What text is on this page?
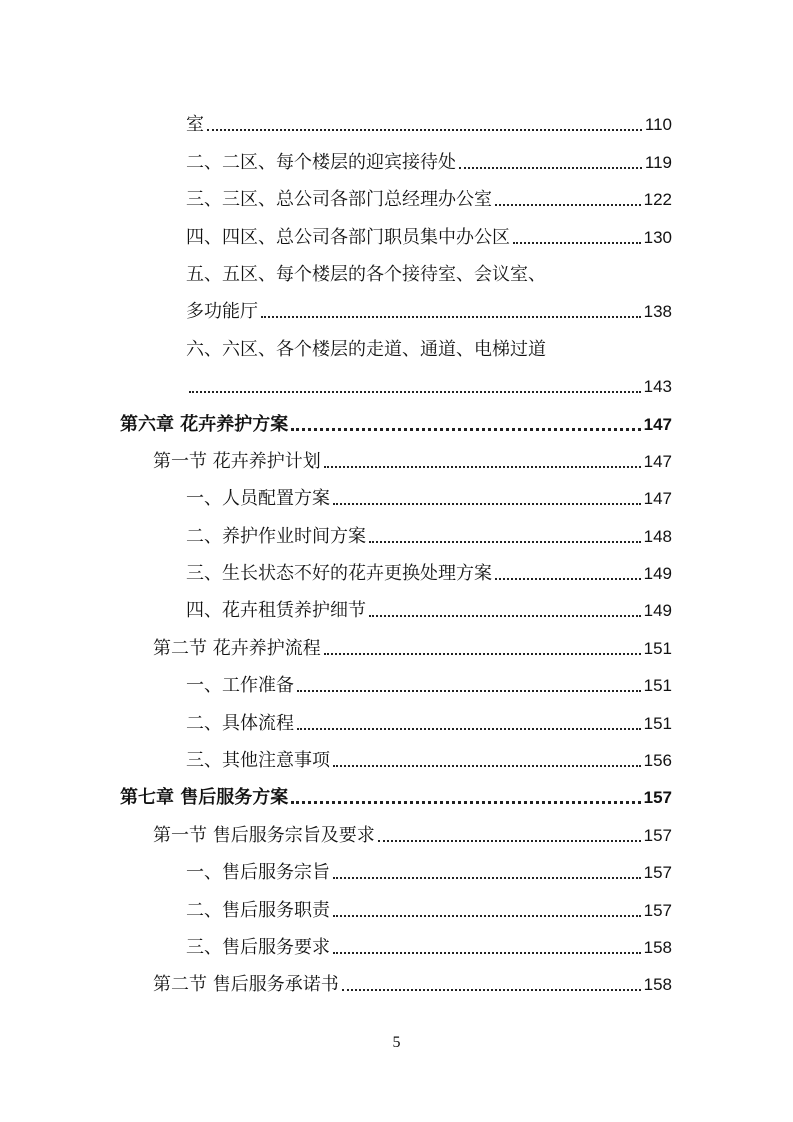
室	110
二、二区、每个楼层的迎宾接待处	119
三、三区、总公司各部门总经理办公室	122
四、四区、总公司各部门职员集中办公区	130
五、五区、每个楼层的各个接待室、会议室、
多功能厅	138
六、六区、各个楼层的走道、通道、电梯过道
143
第六章 花卉养护方案	147
第一节 花卉养护计划	147
一、人员配置方案	147
二、养护作业时间方案	148
三、生长状态不好的花卉更换处理方案	149
四、花卉租赁养护细节	149
第二节 花卉养护流程	151
一、工作准备	151
二、具体流程	151
三、其他注意事项	156
第七章 售后服务方案	157
第一节 售后服务宗旨及要求	157
一、售后服务宗旨	157
二、售后服务职责	157
三、售后服务要求	158
第二节 售后服务承诺书	158
5
